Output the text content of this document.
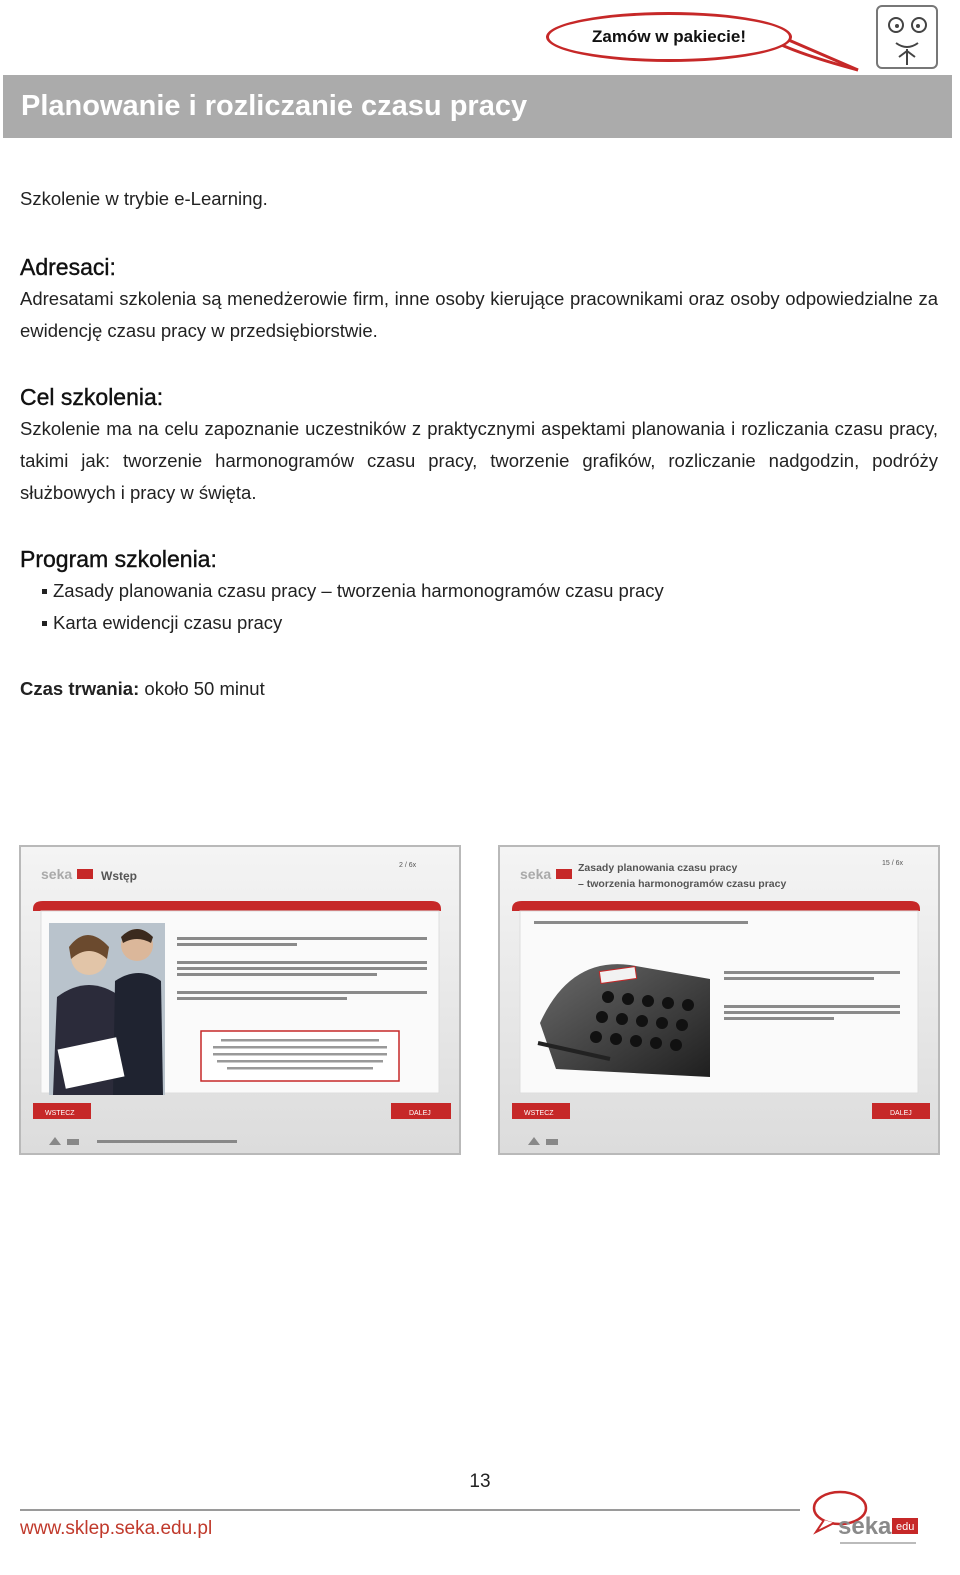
Zamów w pakiecie!
Planowanie i rozliczanie czasu pracy

Szkolenie w trybie e-Learning.

Adresaci:

Adresatami szkolenia są menedżerowie firm, inne osoby kierujące pracownikami oraz osoby odpowiedzialne za ewidencję czasu pracy w przedsiębiorstwie.

Cel szkolenia:

Szkolenie ma na celu zapoznanie uczestników z praktycznymi aspektami planowania i rozliczania czasu pracy, takimi jak: tworzenie harmonogramów czasu pracy, tworzenie grafików, rozliczanie nadgodzin, podróży służbowych i pracy w święta.

Program szkolenia:
Zasady planowania czasu pracy – tworzenia harmonogramów czasu pracy
Karta ewidencji czasu pracy

Czas trwania: około 50 minut

seka Wstęp
2 / 6x
WSTECZ	DALEJ
seka	Zasady planowania czasu pracy
– tworzenia harmonogramów czasu pracy
15 / 6x
WSTECZ	DALEJ
13
www.sklep.seka.edu.pl	seka edu
